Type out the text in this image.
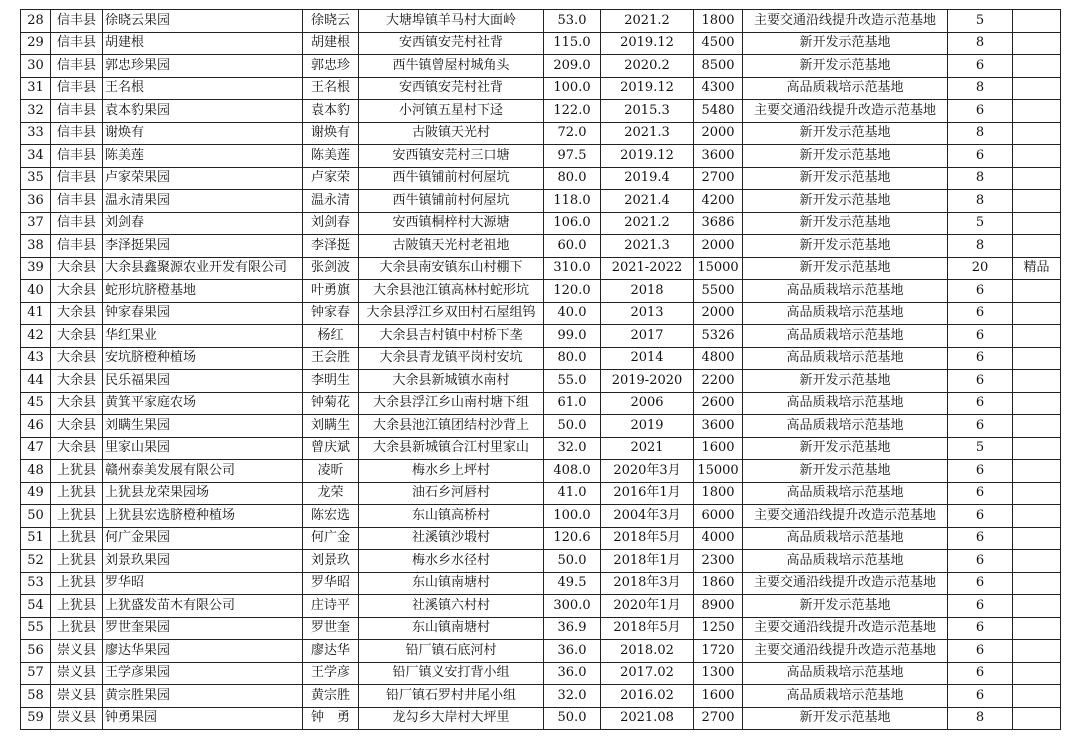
28	信丰县	徐晓云果园	徐晓云	大塘埠镇羊马村大面岭	53.0	2021.2	1800	主要交通沿线提升改造示范基地	5	
29	信丰县	胡建根	胡建根	安西镇安芫村社背	115.0	2019.12	4500	新开发示范基地	8	
30	信丰县	郭忠珍果园	郭忠珍	西牛镇曾屋村城角头	209.0	2020.2	8500	新开发示范基地	6	
31	信丰县	王名根	王名根	安西镇安芫村社背	100.0	2019.12	4300	高品质栽培示范基地	8	
32	信丰县	袁本豹果园	袁本豹	小河镇五星村下迳	122.0	2015.3	5480	主要交通沿线提升改造示范基地	6	
33	信丰县	谢焕有	谢焕有	古陂镇天光村	72.0	2021.3	2000	新开发示范基地	8	
34	信丰县	陈美莲	陈美莲	安西镇安芫村三口塘	97.5	2019.12	3600	新开发示范基地	6	
35	信丰县	卢家荣果园	卢家荣	西牛镇铺前村何屋坑	80.0	2019.4	2700	新开发示范基地	8	
36	信丰县	温永清果园	温永清	西牛镇铺前村何屋坑	118.0	2021.4	4200	新开发示范基地	8	
37	信丰县	刘剑春	刘剑春	安西镇桐梓村大源塘	106.0	2021.2	3686	新开发示范基地	5	
38	信丰县	李泽挺果园	李泽挺	古陂镇天光村老祖地	60.0	2021.3	2000	新开发示范基地	8	
39	大余县	大余县鑫聚源农业开发有限公司	张剑波	大余县南安镇东山村棚下	310.0	2021-2022	15000	新开发示范基地	20	精品
40	大余县	蛇形坑脐橙基地	叶勇旗	大余县池江镇高林村蛇形坑	120.0	2018	5500	高品质栽培示范基地	6	
41	大余县	钟家春果园	钟家春	大余县浮江乡双田村石屋组钨	40.0	2013	2000	高品质栽培示范基地	6	
42	大余县	华红果业	杨红	大余县吉村镇中村桥下垄	99.0	2017	5326	高品质栽培示范基地	6	
43	大余县	安坑脐橙种植场	王会胜	大余县青龙镇平岗村安坑	80.0	2014	4800	高品质栽培示范基地	6	
44	大余县	民乐福果园	李明生	大余县新城镇水南村	55.0	2019-2020	2200	新开发示范基地	6	
45	大余县	黄箕平家庭农场	钟菊花	大余县浮江乡山南村塘下组	61.0	2006	2600	高品质栽培示范基地	6	
46	大余县	刘瞒生果园	刘瞒生	大余县池江镇团结村沙背上	50.0	2019	3600	高品质栽培示范基地	6	
47	大余县	里家山果园	曾庆斌	大余县新城镇合江村里家山	32.0	2021	1600	新开发示范基地	5	
48	上犹县	赣州泰美发展有限公司	凌昕	梅水乡上坪村	408.0	2020年3月	15000	新开发示范基地	6	
49	上犹县	上犹县龙荣果园场	龙荣	油石乡河唇村	41.0	2016年1月	1800	高品质栽培示范基地	6	
50	上犹县	上犹县宏选脐橙种植场	陈宏选	东山镇高桥村	100.0	2004年3月	6000	主要交通沿线提升改造示范基地	6	
51	上犹县	何广金果园	何广金	社溪镇沙塅村	120.6	2018年5月	4000	高品质栽培示范基地	6	
52	上犹县	刘景玖果园	刘景玖	梅水乡水径村	50.0	2018年1月	2300	高品质栽培示范基地	6	
53	上犹县	罗华昭	罗华昭	东山镇南塘村	49.5	2018年3月	1860	主要交通沿线提升改造示范基地	6	
54	上犹县	上犹盛发苗木有限公司	庄诗平	社溪镇六村村	300.0	2020年1月	8900	新开发示范基地	6	
55	上犹县	罗世奎果园	罗世奎	东山镇南塘村	36.9	2018年5月	1250	主要交通沿线提升改造示范基地	6	
56	崇义县	廖达华果园	廖达华	铅厂镇石底河村	36.0	2018.02	1720	主要交通沿线提升改造示范基地	6	
57	崇义县	王学彦果园	王学彦	铅厂镇义安打背小组	36.0	2017.02	1300	高品质栽培示范基地	6	
58	崇义县	黄宗胜果园	黄宗胜	铅厂镇石罗村井尾小组	32.0	2016.02	1600	高品质栽培示范基地	6	
59	崇义县	钟勇果园	钟　勇	龙勾乡大岸村大坪里	50.0	2021.08	2700	新开发示范基地	8	
